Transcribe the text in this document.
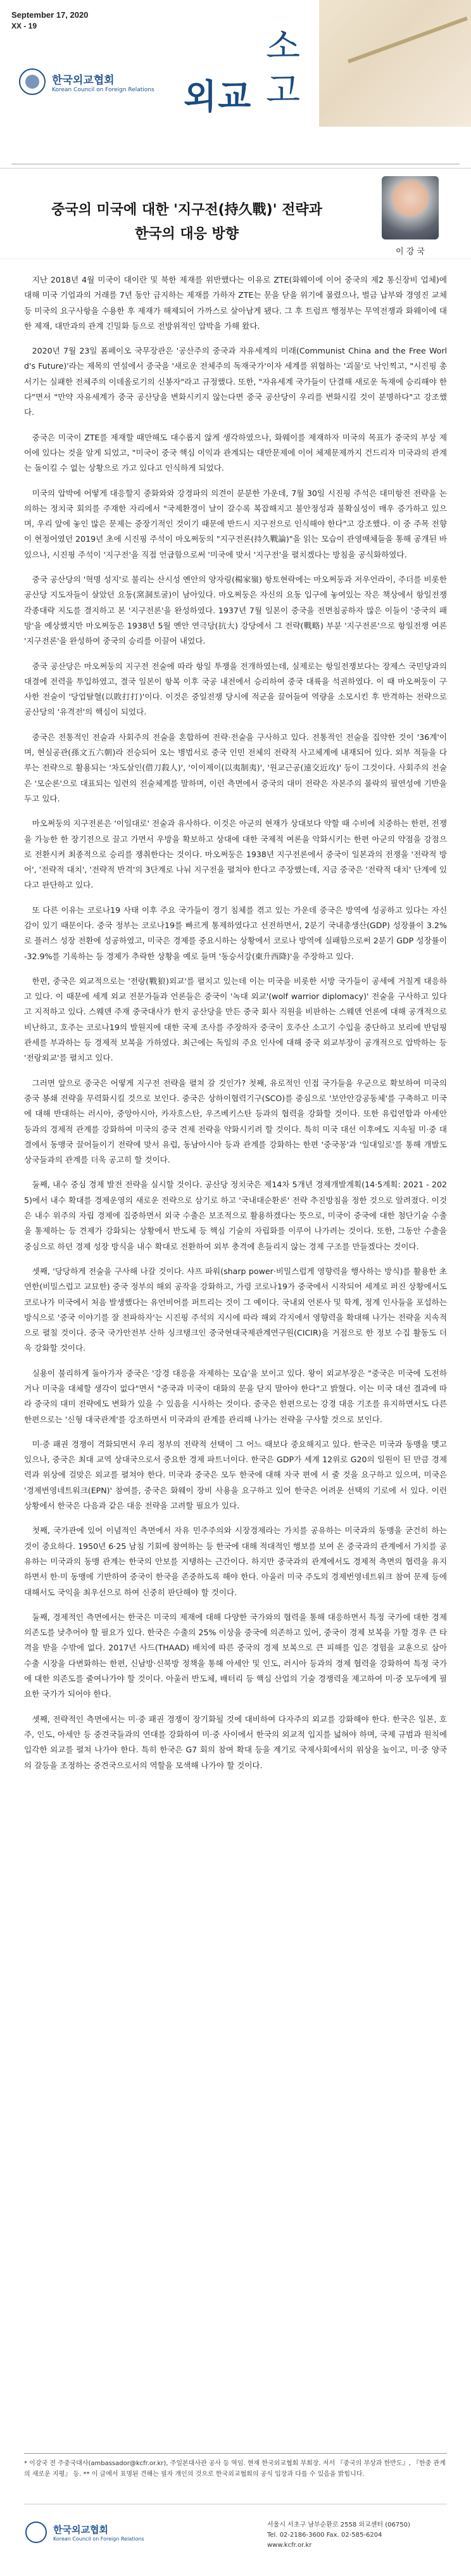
September 17, 2020
XX - 19
한국외교협회
Korean Council on Foreign Relations 외교
소
고
중국의 미국에 대한 '지구전(持久戰)' 전략과
한국의 대응 방향
이 강 국

지난 2018년 4월 미국이 대이란 및 북한 제재를 위반했다는 이유로 ZTE(화웨이에 이어 중국의 제2 통신장비 업체)에 대해 미국 기업과의 거래를 7년 동안 금지하는 제재를 가하자 ZTE는 문을 닫을 위기에 몰렸으나, 벌금 납부와 경영진 교체 등 미국의 요구사항을 수용한 후 제재가 해제되어 가까스로 살아남게 됐다. 그 후 트럼프 행정부는 무역전쟁과 화웨이에 대한 제재, 대만과의 관계 긴밀화 등으로 전방위적인 압박을 가해 왔다.

2020년 7월 23일 폼페이오 국무장관은 '공산주의 중국과 자유세계의 미래(Communist China and the Free World's Future)'라는 제목의 연설에서 중국을 '새로운 전체주의 독재국가'이자 세계를 위협하는 '괴물'로 낙인찍고, "시진핑 총서기는 실패한 전체주의 이데올로기의 신봉자"라고 규정했다. 또한, "자유세계 국가들이 단결해 새로운 독재에 승리해야 한다"면서 "만약 자유세계가 중국 공산당을 변화시키지 않는다면 중국 공산당이 우리를 변화시킬 것이 분명하다"고 강조했다.

중국은 미국이 ZTE를 제재할 때만해도 대수롭지 않게 생각하였으나, 화웨이를 제재하자 미국의 목표가 중국의 부상 제어에 있다는 것을 알게 되었고, "미국이 중국 핵심 이익과 관계되는 대만문제에 이어 체제문제까지 건드리자 미국과의 관계는 돌이킬 수 없는 상황으로 가고 있다고 인식하게 되었다.

미국의 압박에 어떻게 대응할지 중화와와 강경파의 의견이 분분한 가운데, 7월 30일 시진핑 주석은 대미항전 전략을 논의하는 정치국 회의를 주재한 자리에서 "국제환경이 날이 갈수록 복잡해지고 불안정성과 불확실성이 매우 증가하고 있으며, 우리 앞에 놓인 많은 문제는 중장기적인 것이기 때문에 반드시 지구전으로 인식해야 한다"고 강조했다. 이 중 주목 전향이 현정어였던 2019년 초에 시진핑 주석이 마오쩌둥의 "지구전론(持久戰論)"을 읽는 모습이 관영매체들을 통해 공개된 바 있으나, 시진핑 주석이 '지구전'을 직접 언급함으로써 '미국에 맞서 '지구전'을 펼치겠다는 방침을 공식화하였다.

중국 공산당의 '혁명 성지'로 불리는 산시성 옌안의 양자링(楊家嶺) 항토현락에는 마오쩌둥과 저우언라이, 주더를 비롯한 공산당 지도자들이 살았던 요동(窯洞토굴)이 남아있다. 마오쩌둥은 자신의 요동 입구에 놓여있는 작은 책상에서 항일전쟁 각종대략 지도를 결지하고 본 '지구전론'을 완성하였다. 1937년 7월 일본이 중국을 전면침공하자 많은 이들이 '중국의 패망'을 예상했지만 마오쩌둥은 1938년 5월 옌안 연극당(抗大) 강당에서 그 전략(戰略) 부분 '지구전론'으로 항일전쟁 여론 '지구전론'을 완성하여 중국의 승리를 이끌어 내었다.

중국 공산당은 마오쩌둥의 지구전 전술에 따라 항일 투쟁을 전개하였는데, 실제로는 항일전쟁보다는 장제스 국민당과의 대결에 전력을 투입하였고, 결국 일본이 항복 이후 국공 내전에서 승리하여 중국 대륙을 석권하였다. 이 때 마오쩌둥이 구사한 전술이 '당업탈혈(以敗打打)'이다. 이것은 중일전쟁 당시에 적군을 끌어들여 역량을 소모시킨 후 반격하는 전략으로 공산당의 '유격전'의 핵심이 되었다.

중국은 전통적인 전술과 사회주의 전술을 혼합하여 전략·전술을 구사하고 있다. 전통적인 전술을 집약한 것이 '36계'이며, 현실공관(孫文五六朝)라 전승되어 오는 병법서로 중국 인민 전체의 전략적 사고체계에 내재되어 있다. 외부 적들을 다루는 전략으로 활용되는 '차도살인(借刀殺人)', '이이제이(以夷制夷)', '원교근공(遠交近攻)' 등이 그것이다. 사회주의 전술은 '모순론'으로 대표되는 일련의 전술체계를 말하며, 이런 측면에서 중국의 대미 전략은 자본주의 몰락의 필연성에 기반을 두고 있다.

마오쩌둥의 지구전론은 '이일대로' 전술과 유사하다. 이것은 아군의 현재가 상대보다 약할 때 수비에 치중하는 한편, 전쟁을 가능한 한 장기전으로 끌고 가면서 우방을 확보하고 상대에 대한 국제적 여론을 악화시키는 한편 아군의 약점을 강점으로 전환시켜 최종적으로 승리를 쟁취한다는 것이다. 마오쩌둥은 1938년 지구전론에서 중국이 일본과의 전쟁을 '전략적 방어', '전략적 대치', '전략적 반격'의 3단계로 나눠 지구전을 펼쳐야 한다고 주장했는데, 지금 중국은 '전략적 대치' 단계에 있다고 판단하고 있다.

또 다른 이유는 코로나19 사태 이후 주요 국가들이 경기 침체를 겪고 있는 가운데 중국은 방역에 성공하고 있다는 자신감이 있기 때문이다. 중국 정부는 코로나19를 빠르게 통제하였다고 선전하면서, 2분기 국내총생산(GDP) 성장률이 3.2%로 플러스 성장 전환에 성공하였고, 미국은 경제를 중요시하는 상황에서 코로나 방역에 실패함으로써 2분기 GDP 성장률이 -32.9%를 기록하는 등 경제가 추락한 상황을 예로 들며 '동승서강(東升西降)'을 주장하고 있다.

한편, 중국은 외교적으로는 '전랑(戰狼)외교'를 펼치고 있는데 이는 미국을 비롯한 서방 국가들이 공세에 거칠게 대응하고 있다. 이 때문에 세계 외교 전문가들과 언론들은 중국이 '녹대 외교'(wolf warrior diplomacy)' 전술을 구사하고 있다고 지적하고 있다. 스웨덴 주재 중국대사가 한지 공산당을 만든 중국 회사 직원을 비판하는 스웨덴 언론에 대해 공개적으로 비난하고, 호주는 코로나19의 발원지에 대한 국제 조사를 주장하자 중국이 호주산 소고기 수입을 중단하고 보리에 반덤핑 관세를 부과하는 등 경제적 보복을 가하였다. 최근에는 독일의 주요 인사에 대해 중국 외교부장이 공개적으로 압박하는 등 '전랑외교'를 펼치고 있다.

그러면 앞으로 중국은 어떻게 지구전 전략을 펼쳐 갈 것인가? 첫째, 유로적인 인접 국가들을 우군으로 확보하여 미국의 중국 봉쇄 전략을 무력화시킬 것으로 보인다. 중국은 상하이협력기구(SCO)를 중심으로 '보안안강공동체'를 구축하고 미국에 대해 반대하는 러시아, 중앙아시아, 카자흐스탄, 우즈베키스탄 등과의 협력을 강화할 것이다. 또한 유럽연합과 아세안 등과의 경제적 관계를 강화하여 미국의 중국 견제 전략을 약화시키려 할 것이다. 특히 미국 대선 이후에도 지속될 미·중 대결에서 동맹국 끌어들이기 전략에 맞서 유럽, 동남아시아 등과 관계를 강화하는 한편 '중국몽'과 '일대일로'를 통해 개발도상국들과의 관계를 더욱 공고히 할 것이다.

둘째, 내수 중심 경제 발전 전략을 실시할 것이다. 공산당 정치국은 제14차 5개년 경제개발계획(14·5계획: 2021 - 2025)에서 내수 확대를 경제운영의 새로운 전략으로 삼기로 하고 '국내대순환론' 전략 추진방침을 정한 것으로 알려졌다. 이것은 내수 위주의 자립 경제에 집중하면서 외국 수출은 보조적으로 활용하겠다는 뜻으로, 미국이 중국에 대한 첨단기술 수출을 통제하는 등 견제가 강화되는 상황에서 반도체 등 핵심 기술의 자립화를 이루어 나가려는 것이다. 또한, 그동안 수출을 중심으로 하던 경제 성장 방식을 내수 확대로 전환하여 외부 충격에 흔들리지 않는 경제 구조를 만들겠다는 것이다.

셋째, '당당하게 전술을 구사해 나갈 것이다. 샤프 파워(sharp power·비밀스럽게 영향력을 행사하는 방식)를 활용한 초연한(비밀스럽고 교묘한) 중국 정부의 해외 공작을 강화하고, 가령 코로나19가 중국에서 시작되어 세계로 퍼진 상황에서도 코로나가 미국에서 처음 발생했다는 유언비어를 퍼트리는 것이 그 예이다. 국내외 언론사 및 학계, 정계 인사들을 포섭하는 방식으로 '중국 이야기를 잘 전파하자'는 시진핑 주석의 지시에 따라 해외 각지에서 영향력을 확대해 나가는 전략을 지속적으로 펼칠 것이다. 중국 국가안전부 산하 싱크탱크인 중국현대국제관계연구원(CICIR)을 거점으로 한 정보 수집 활동도 더욱 강화할 것이다.

실용이 불리하게 돌아가자 중국은 '강경 대응을 자제하는 모습'을 보이고 있다. 왕이 외교부장은 "중국은 미국에 도전하거나 미국을 대체할 생각이 없다"면서 "중국과 미국이 대화의 문을 닫지 말아야 한다"고 밝혔다. 이는 미국 대선 결과에 따라 중국의 대미 전략에도 변화가 있을 수 있음을 시사하는 것이다. 중국은 한편으로는 강경 대응 기조를 유지하면서도 다른 한편으로는 '신형 대국관계'를 강조하면서 미국과의 관계를 관리해 나가는 전략을 구사할 것으로 보인다.

미·중 패권 경쟁이 격화되면서 우리 정부의 전략적 선택이 그 어느 때보다 중요해지고 있다. 한국은 미국과 동맹을 맺고 있으나, 중국은 최대 교역 상대국으로서 중요한 경제 파트너이다. 한국은 GDP가 세계 12위로 G20의 일원이 된 만큼 경제력과 위상에 걸맞은 외교를 펼쳐야 한다. 미국과 중국은 모두 한국에 대해 자국 편에 서 줄 것을 요구하고 있으며, 미국은 '경제번영네트워크(EPN)' 참여를, 중국은 화웨이 장비 사용을 요구하고 있어 한국은 어려운 선택의 기로에 서 있다. 이런 상황에서 한국은 다음과 같은 대응 전략을 고려할 필요가 있다.

첫째, 국가관에 있어 이념적인 측면에서 자유 민주주의와 시장경제라는 가치를 공유하는 미국과의 동맹을 굳건히 하는 것이 중요하다. 1950년 6·25 남침 기회에 참여하는 등 한국에 대해 적대적인 행보를 보여 온 중국과의 관계에서 가치를 공유하는 미국과의 동맹 관계는 한국의 안보를 지탱하는 근간이다. 하지만 중국과의 관계에서도 경제적 측면의 협력을 유지하면서 한·미 동맹에 기반하여 중국이 한국을 존중하도록 해야 한다. 아울러 미국 주도의 경제번영네트워크 참여 문제 등에 대해서도 국익을 최우선으로 하여 신중히 판단해야 할 것이다.

둘째, 경제적인 측면에서는 한국은 미국의 제재에 대해 다양한 국가와의 협력을 통해 대응하면서 특정 국가에 대한 경제 의존도를 낮추어야 할 필요가 있다. 한국은 수출의 25% 이상을 중국에 의존하고 있어, 중국이 경제 보복을 가할 경우 큰 타격을 받을 수밖에 없다. 2017년 사드(THAAD) 배치에 따른 중국의 경제 보복으로 큰 피해를 입은 경험을 교훈으로 삼아 수출 시장을 다변화하는 한편, 신남방·신북방 정책을 통해 아세안 및 인도, 러시아 등과의 경제 협력을 강화하여 특정 국가에 대한 의존도를 줄여나가야 할 것이다. 아울러 반도체, 배터리 등 핵심 산업의 기술 경쟁력을 제고하여 미·중 모두에게 필요한 국가가 되어야 한다.

셋째, 전략적인 측면에서는 미·중 패권 경쟁이 장기화될 것에 대비하여 다자주의 외교를 강화해야 한다. 한국은 일본, 호주, 인도, 아세안 등 중견국들과의 연대를 강화하여 미·중 사이에서 한국의 외교적 입지를 넓혀야 하며, 국제 규범과 원칙에 입각한 외교를 펼쳐 나가야 한다. 특히 한국은 G7 회의 참여 확대 등을 계기로 국제사회에서의 위상을 높이고, 미·중 양국의 갈등을 조정하는 중견국으로서의 역할을 모색해 나가야 할 것이다.

* 이강국 전 주중국대사(ambassador@kcfr.or.kr), 주일본대사관 공사 등 역임. 현재 한국외교협회 부회장. 저서 『중국의 부상과 한반도』, 『한중 관계의 새로운 지평』 등. ** 이 글에서 표명된 견해는 필자 개인의 것으로 한국외교협회의 공식 입장과 다를 수 있음을 밝힙니다.
한국외교협회
Korean Council on Foreign Relations
서울시 서초구 남부순환로 2558 외교센터 (06750)
Tel. 02-2186-3600 Fax. 02-585-6204
www.kcfr.or.kr
